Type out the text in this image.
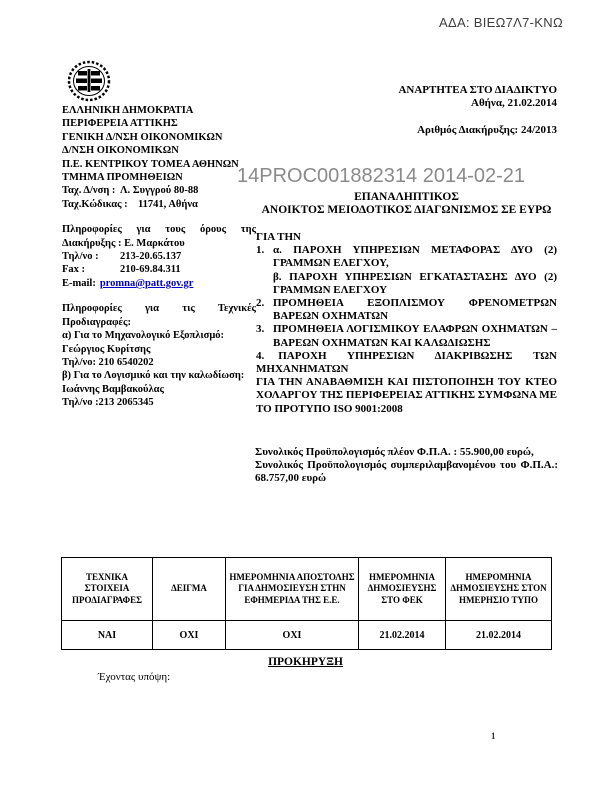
ΑΔΑ: ΒΙΕΩ7Λ7-ΚΝΩ
ΕΛΛΗΝΙΚΗ ΔΗΜΟΚΡΑΤΙΑ
ΠΕΡΙΦΕΡΕΙΑ ΑΤΤΙΚΗΣ
ΓΕΝΙΚΗ Δ/ΝΣΗ ΟΙΚΟΝΟΜΙΚΩΝ
Δ/ΝΣΗ ΟΙΚΟΝΟΜΙΚΩΝ
Π.Ε. ΚΕΝΤΡΙΚΟΥ ΤΟΜΕΑ ΑΘΗΝΩΝ
ΤΜΗΜΑ ΠΡΟΜΗΘΕΙΩΝ
Ταχ. Δ/νση : Λ. Συγγρού 80-88
Ταχ.Κώδικας : 11741, Αθήνα

Πληροφορίες για τους όρους της Διακήρυξης : Ε. Μαρκάτου

Τηλ/νο : 213-20.65.137
Fax :	210-69.84.311
E-mail: promna@patt.gov.gr

Πληροφορίες για τις Τεχνικές Προδιαγραφές:

α) Για το Μηχανολογικό Εξοπλισμό:

Γεώργιος Κυρίτσης
Τηλ/νο: 210 6540202

β) Για το Λογισμικό και την καλωδίωση:

Ιωάννης Βαμβακούλας
Τηλ/νο :213 2065345
ΑΝΑΡΤΗΤΕΑ ΣΤΟ ΔΙΑΔΙΚΤΥΟ
Αθήνα, 21.02.2014
Αριθμός Διακήρυξης: 24/2013
14PROC001882314 2014-02-21
ΕΠΑΝΑΛΗΠΤΙΚΟΣ
ΑΝΟΙΚΤΟΣ ΜΕΙΟΔΟΤΙΚΟΣ ΔΙΑΓΩΝΙΣΜΟΣ ΣΕ ΕΥΡΩ
ΓΙΑ ΤΗΝ
1. α. ΠΑΡΟΧΗ ΥΠΗΡΕΣΙΩΝ ΜΕΤΑΦΟΡΑΣ ΔΥΟ (2) ΓΡΑΜΜΩΝ ΕΛΕΓΧΟΥ,
β. ΠΑΡΟΧΗ ΥΠΗΡΕΣΙΩΝ ΕΓΚΑΤΑΣΤΑΣΗΣ ΔΥΟ (2) ΓΡΑΜΜΩΝ ΕΛΕΓΧΟΥ
2. ΠΡΟΜΗΘΕΙΑ ΕΞΟΠΛΙΣΜΟΥ ΦΡΕΝΟΜΕΤΡΩΝ ΒΑΡΕΩΝ ΟΧΗΜΑΤΩΝ
3. ΠΡΟΜΗΘΕΙΑ ΛΟΓΙΣΜΙΚΟΥ ΕΛΑΦΡΩΝ ΟΧΗΜΑΤΩΝ – ΒΑΡΕΩΝ ΟΧΗΜΑΤΩΝ ΚΑΙ ΚΑΛΩΔΙΩΣΗΣ
4. ΠΑΡΟΧΗ ΥΠΗΡΕΣΙΩΝ ΔΙΑΚΡΙΒΩΣΗΣ ΤΩΝ ΜΗΧΑΝΗΜΑΤΩΝ
ΓΙΑ ΤΗΝ ΑΝΑΒΑΘΜΙΣΗ ΚΑΙ ΠΙΣΤΟΠΟΙΗΣΗ ΤΟΥ ΚΤΕΟ ΧΟΛΑΡΓΟΥ ΤΗΣ ΠΕΡΙΦΕΡΕΙΑΣ ΑΤΤΙΚΗΣ ΣΥΜΦΩΝΑ ΜΕ ΤΟ ΠΡΟΤΥΠΟ ISO 9001:2008
Συνολικός Προϋπολογισμός πλέον Φ.Π.Α. : 55.900,00 ευρώ,
Συνολικός Προϋπολογισμός συμπεριλαμβανομένου του Φ.Π.Α.: 68.757,00 ευρώ
ΤΕΧΝΙΚΑ ΣΤΟΙΧΕΙΑ ΠΡΟΔΙΑΓΡΑΦΕΣ	ΔΕΙΓΜΑ	ΗΜΕΡΟΜΗΝΙΑ ΑΠΟΣΤΟΛΗΣ ΓΙΑ ΔΗΜΟΣΙΕΥΣΗ ΣΤΗΝ ΕΦΗΜΕΡΙΔΑ ΤΗΣ Ε.Ε.	ΗΜΕΡΟΜΗΝΙΑ ΔΗΜΟΣΙΕΥΣΗΣ ΣΤΟ ΦΕΚ	ΗΜΕΡΟΜΗΝΙΑ ΔΗΜΟΣΙΕΥΣΗΣ ΣΤΟΝ ΗΜΕΡΗΣΙΟ ΤΥΠΟ
ΝΑΙ	ΟΧΙ	ΟΧΙ	21.02.2014	21.02.2014
ΠΡΟΚΗΡΥΞΗ
Έχοντας υπόψη:
1
